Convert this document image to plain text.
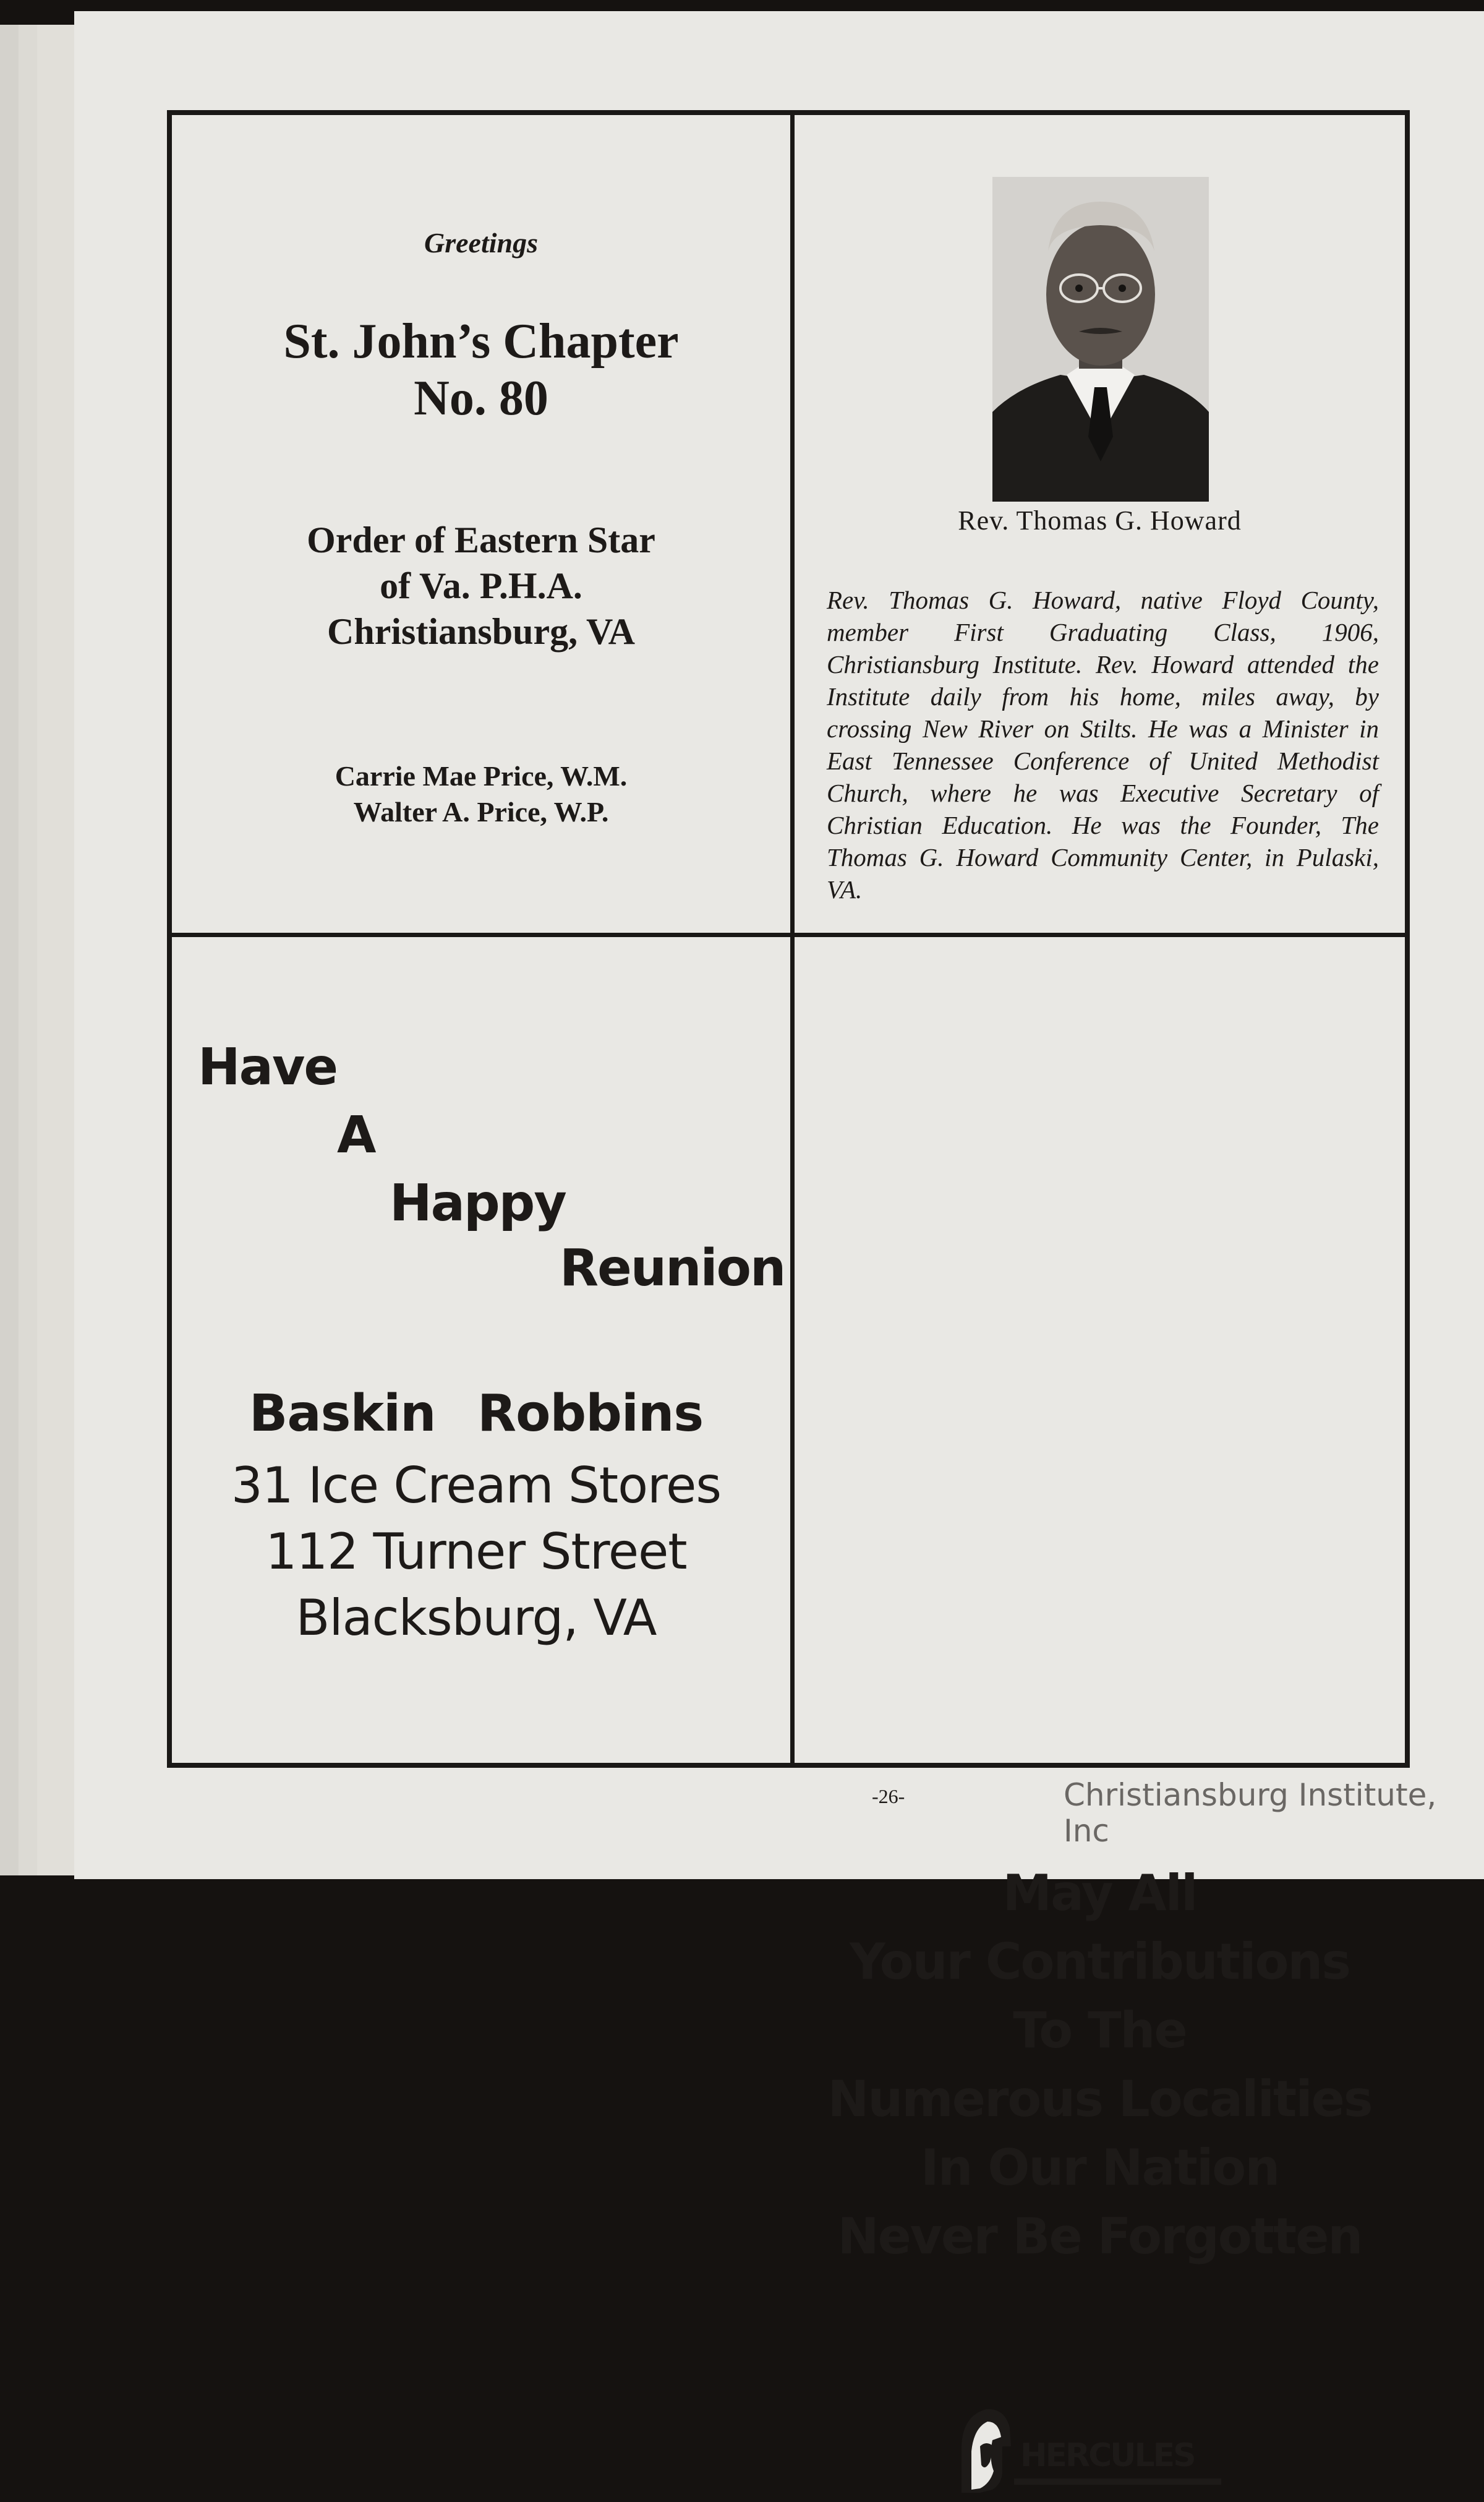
Greetings
St. John’s Chapter
No. 80
Order of Eastern Star
of Va. P.H.A.
Christiansburg, VA
Carrie Mae Price, W.M.
Walter A. Price, W.P.
Rev. Thomas G. Howard
Rev. Thomas G. Howard, native Floyd County, member First Graduating Class, 1906, Christiansburg Institute. Rev. Howard attended the Institute daily from his home, miles away, by crossing New River on Stilts. He was a Minister in East Tennessee Conference of United Methodist Church, where he was Executive Secretary of Christian Education. He was the Founder, The Thomas G. Howard Community Center, in Pulaski, VA.
May All
Your Contributions
To The
Numerous Localities
In Our Nation
Never Be Forgotten
HERCULES
Have
A
Happy
Reunion
Baskin Robbins
31 Ice Cream Stores
112 Turner Street
Blacksburg, VA
-26-	Christiansburg Institute, Inc
